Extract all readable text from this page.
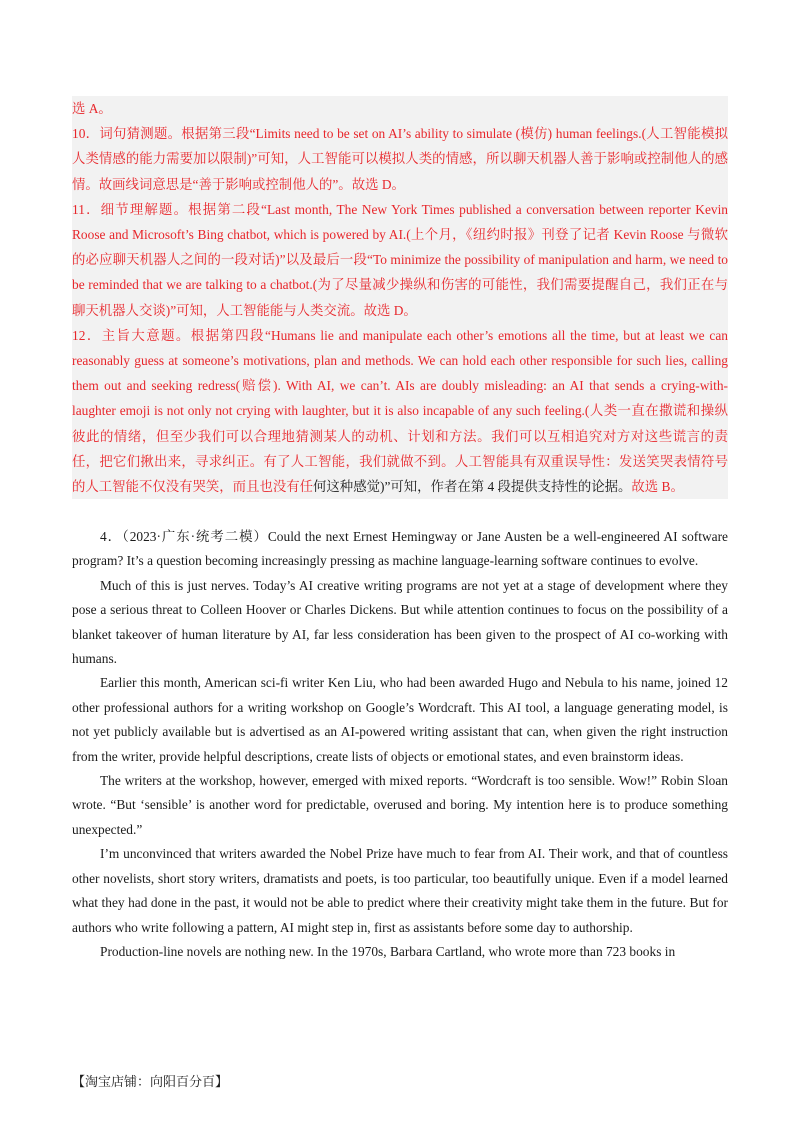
选 A。

10．词句猜测题。根据第三段“Limits need to be set on AI’s ability to simulate (模仿) human feelings.(人工智能模拟人类情感的能力需要加以限制)”可知，人工智能可以模拟人类的情感，所以聊天机器人善于影响或控制他人的感情。故画线词意思是“善于影响或控制他人的”。故选 D。

11．细节理解题。根据第二段“Last month, The New York Times published a conversation between reporter Kevin Roose and Microsoft’s Bing chatbot, which is powered by AI.(上个月，《纽约时报》刊登了记者 Kevin Roose 与微软的必应聊天机器人之间的一段对话)”以及最后一段“To minimize the possibility of manipulation and harm, we need to be reminded that we are talking to a chatbot.(为了尽量减少操纵和伤害的可能性，我们需要提醒自己，我们正在与聊天机器人交谈)”可知，人工智能能与人类交流。故选 D。

12．主旨大意题。根据第四段“Humans lie and manipulate each other’s emotions all the time, but at least we can reasonably guess at someone’s motivations, plan and methods. We can hold each other responsible for such lies, calling them out and seeking redress(赔偿). With AI, we can’t. AIs are doubly misleading: an AI that sends a crying-with-laughter emoji is not only not crying with laughter, but it is also incapable of any such feeling.(人类一直在撒谎和操纵彼此的情绪，但至少我们可以合理地猜测某人的动机、计划和方法。我们可以互相追究对方对这些谎言的责任，把它们揪出来，寻求纠正。有了人工智能，我们就做不到。人工智能具有双重误导性：发送笑哭表情符号的人工智能不仅没有哭笑，而且也没有任何这种感觉)”可知，作者在第 4 段提供支持性的论据。故选 B。

4．（2023·广东·统考二模）Could the next Ernest Hemingway or Jane Austen be a well-engineered AI software program? It’s a question becoming increasingly pressing as machine language-learning software continues to evolve.

Much of this is just nerves. Today’s AI creative writing programs are not yet at a stage of development where they pose a serious threat to Colleen Hoover or Charles Dickens. But while attention continues to focus on the possibility of a blanket takeover of human literature by AI, far less consideration has been given to the prospect of AI co-working with humans.

Earlier this month, American sci-fi writer Ken Liu, who had been awarded Hugo and Nebula to his name, joined 12 other professional authors for a writing workshop on Google’s Wordcraft. This AI tool, a language generating model, is not yet publicly available but is advertised as an AI-powered writing assistant that can, when given the right instruction from the writer, provide helpful descriptions, create lists of objects or emotional states, and even brainstorm ideas.

The writers at the workshop, however, emerged with mixed reports. “Wordcraft is too sensible. Wow!” Robin Sloan wrote. “But ‘sensible’ is another word for predictable, overused and boring. My intention here is to produce something unexpected.”

I’m unconvinced that writers awarded the Nobel Prize have much to fear from AI. Their work, and that of countless other novelists, short story writers, dramatists and poets, is too particular, too beautifully unique. Even if a model learned what they had done in the past, it would not be able to predict where their creativity might take them in the future. But for authors who write following a pattern, AI might step in, first as assistants before some day to authorship.

Production-line novels are nothing new. In the 1970s, Barbara Cartland, who wrote more than 723 books in

【淘宝店铺：向阳百分百】
